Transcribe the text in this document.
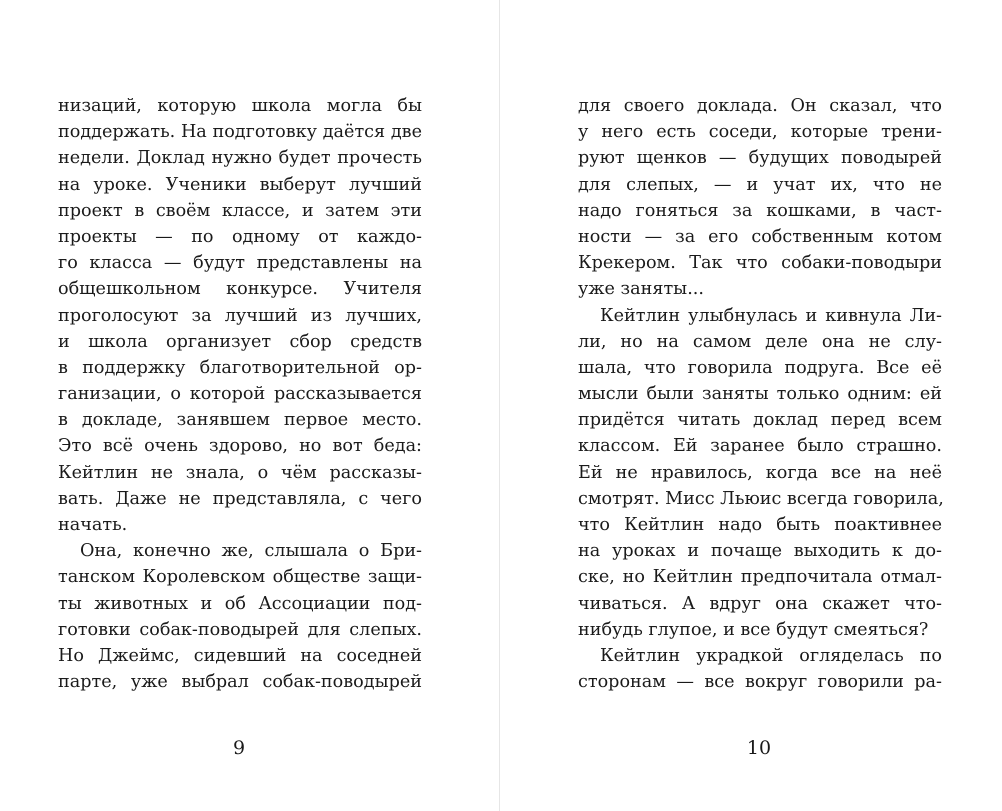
низаций, которую школа могла бы
поддержать. На подготовку даётся две
недели. Доклад нужно будет прочесть
на уроке. Ученики выберут лучший
проект в своём классе, и затем эти
проекты — по одному от каждо-
го класса — будут представлены на
общешкольном конкурсе. Учителя
проголосуют за лучший из лучших,
и школа организует сбор средств
в поддержку благотворительной ор-
ганизации, о которой рассказывается
в докладе, занявшем первое место.
Это всё очень здорово, но вот беда:
Кейтлин не знала, о чём рассказы-
вать. Даже не представляла, с чего
начать.
Она, конечно же, слышала о Бри-
танском Королевском обществе защи-
ты животных и об Ассоциации под-
готовки собак-поводырей для слепых.
Но Джеймс, сидевший на соседней
парте, уже выбрал собак-поводырей
9
для своего доклада. Он сказал, что
у него есть соседи, которые трени-
руют щенков — будущих поводырей
для слепых, — и учат их, что не
надо гоняться за кошками, в част-
ности — за его собственным котом
Крекером. Так что собаки-поводыри
уже заняты...
Кейтлин улыбнулась и кивнула Ли-
ли, но на самом деле она не слу-
шала, что говорила подруга. Все её
мысли были заняты только одним: ей
придётся читать доклад перед всем
классом. Ей заранее было страшно.
Ей не нравилось, когда все на неё
смотрят. Мисс Льюис всегда говорила,
что Кейтлин надо быть поактивнее
на уроках и почаще выходить к до-
ске, но Кейтлин предпочитала отмал-
чиваться. А вдруг она скажет что-
нибудь глупое, и все будут смеяться?
Кейтлин украдкой огляделась по
сторонам — все вокруг говорили ра-
10
